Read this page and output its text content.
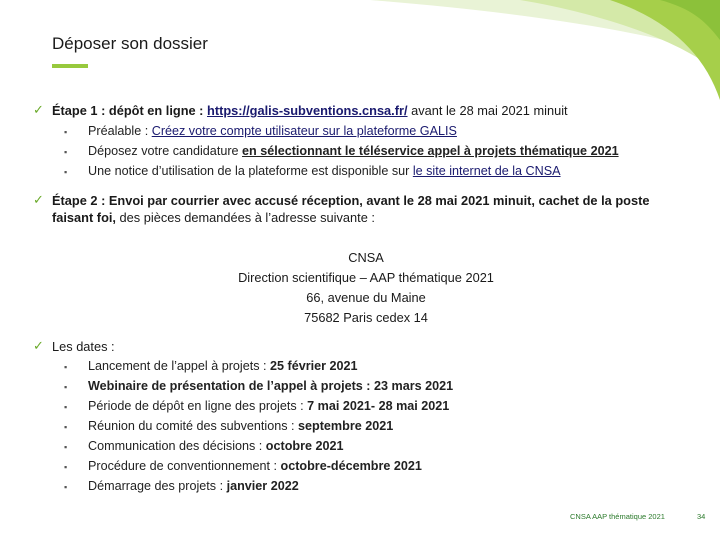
Déposer son dossier
✓ Étape 1 : dépôt en ligne : https://galis-subventions.cnsa.fr/ avant le 28 mai 2021 minuit
▪ Préalable : Créez votre compte utilisateur sur la plateforme GALIS
▪ Déposez votre candidature en sélectionnant le téléservice appel à projets thématique 2021
▪ Une notice d’utilisation de la plateforme est disponible sur le site internet de la CNSA
✓ Étape 2 : Envoi par courrier avec accusé réception, avant le 28 mai 2021 minuit, cachet de la poste
faisant foi, des pièces demandées à l’adresse suivante :
CNSA
Direction scientifique – AAP thématique 2021
66, avenue du Maine
75682 Paris cedex 14
✓ Les dates :
▪ Lancement de l’appel à projets : 25 février 2021
▪ Webinaire de présentation de l’appel à projets : 23 mars 2021
▪ Période de dépôt en ligne des projets : 7 mai 2021- 28 mai 2021
▪ Réunion du comité des subventions : septembre 2021
▪ Communication des décisions : octobre 2021
▪ Procédure de conventionnement : octobre-décembre 2021
▪ Démarrage des projets : janvier 2022
CNSA AAP thématique 2021	34
